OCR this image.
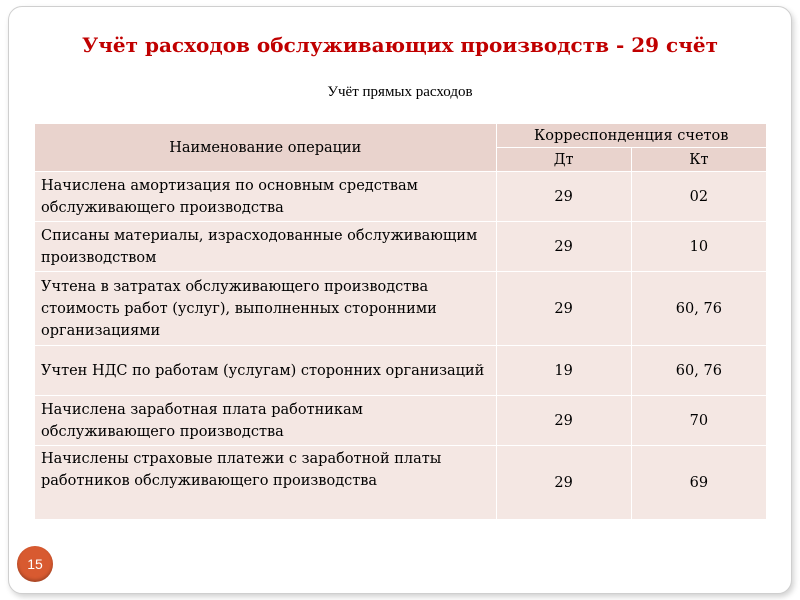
Учёт расходов обслуживающих производств - 29 счёт
Учёт прямых расходов
Наименование операции	Корреспонденция счетов	
	Дт	Кт
Начислена амортизация по основным средствам обслуживающего производства	29	02
Списаны материалы, израсходованные обслуживающим производством	29	10
Учтена в затратах обслуживающего производства стоимость работ (услуг), выполненных сторонними организациями	29	60, 76
Учтен НДС по работам (услугам) сторонних организаций	19	60, 76
Начислена заработная плата работникам обслуживающего производства	29	70
Начислены страховые платежи с заработной платы работников обслуживающего производства	29	69
15
